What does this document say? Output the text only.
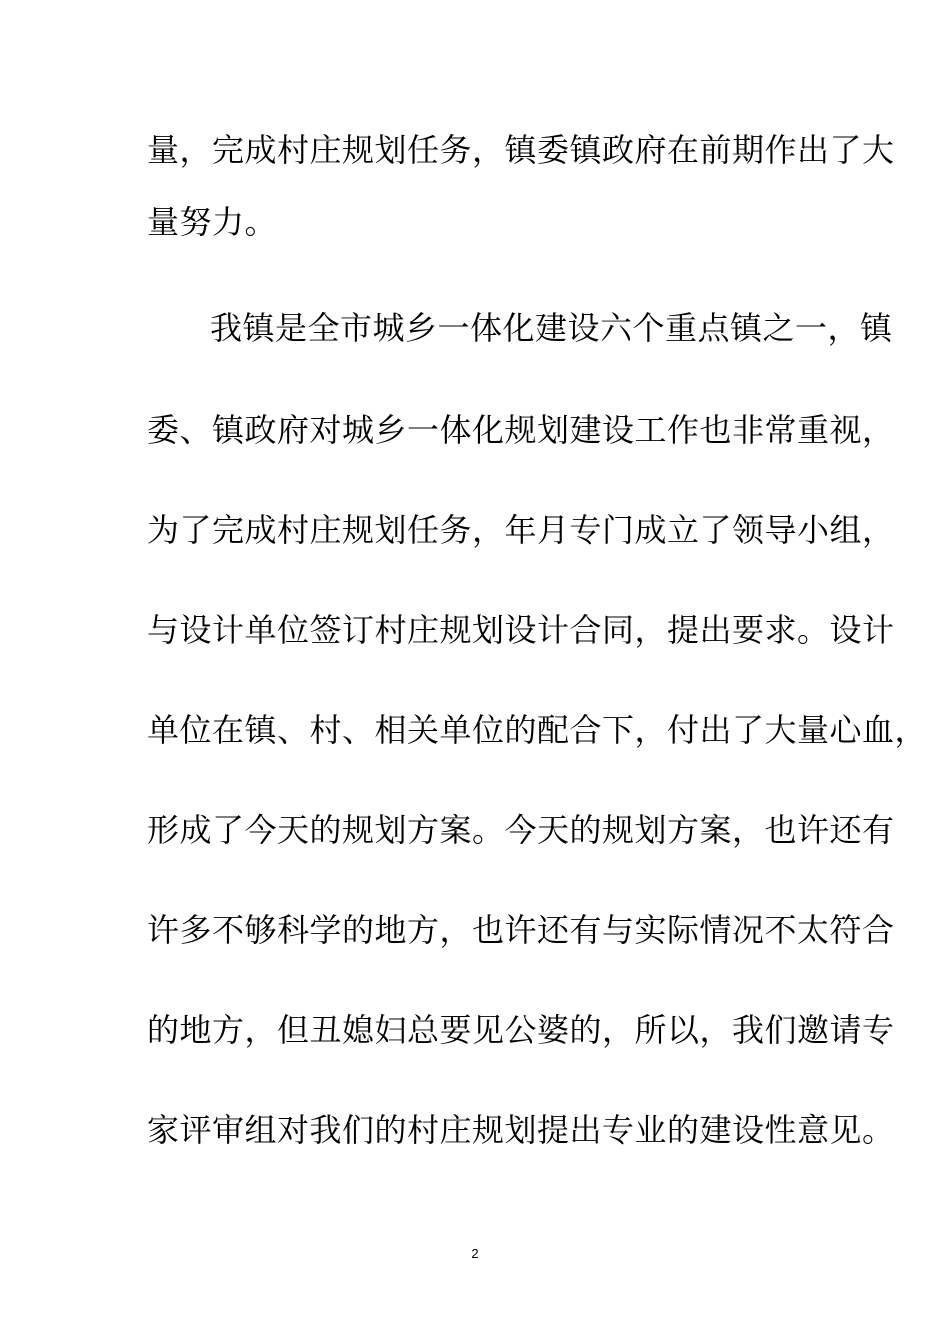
量，完成村庄规划任务，镇委镇政府在前期作出了大
量努力。
我镇是全市城乡一体化建设六个重点镇之一，镇
委、镇政府对城乡一体化规划建设工作也非常重视，
为了完成村庄规划任务，年月专门成立了领导小组，
与设计单位签订村庄规划设计合同，提出要求。设计
单位在镇、村、相关单位的配合下，付出了大量心血，
形成了今天的规划方案。今天的规划方案，也许还有
许多不够科学的地方，也许还有与实际情况不太符合
的地方，但丑媳妇总要见公婆的，所以，我们邀请专
家评审组对我们的村庄规划提出专业的建设性意见。
2
